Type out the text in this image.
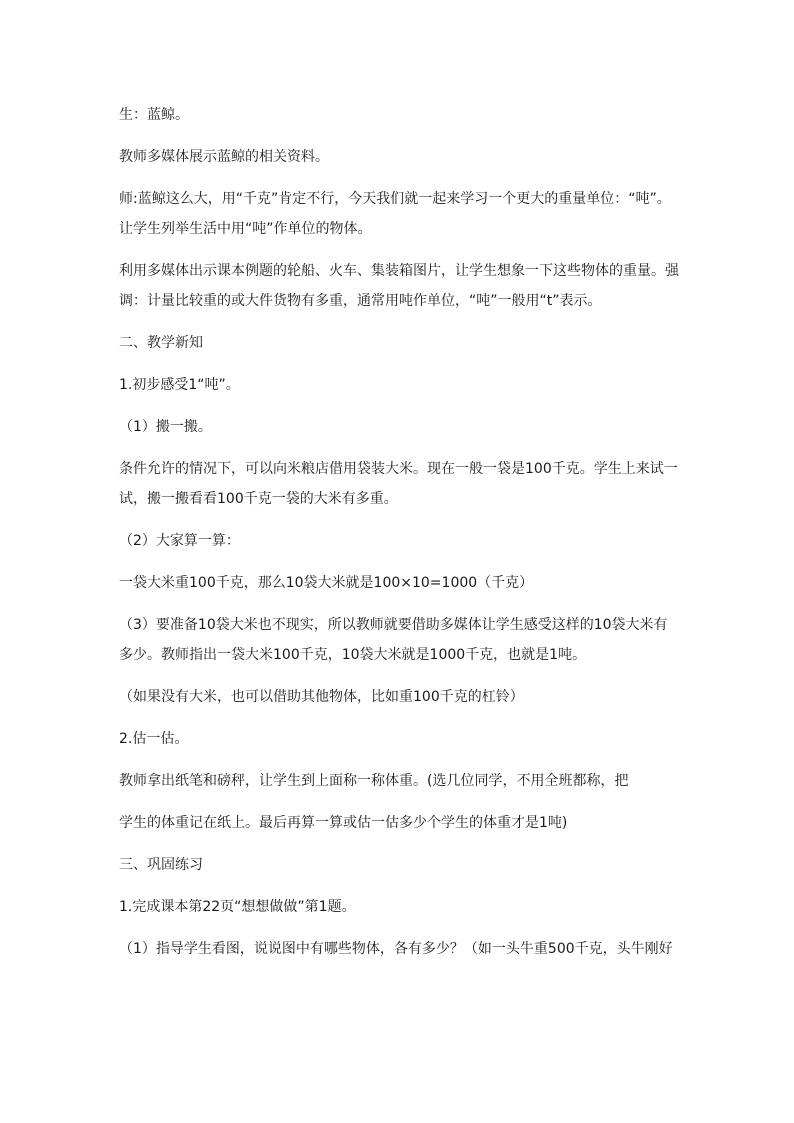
生：蓝鲸。

教师多媒体展示蓝鲸的相关资料。

师:蓝鲸这么大，用“千克”肯定不行，今天我们就一起来学习一个更大的重量单位：“吨”。让学生列举生活中用“吨”作单位的物体。

利用多媒体出示课本例题的轮船、火车、集装箱图片，让学生想象一下这些物体的重量。强调：计量比较重的或大件货物有多重，通常用吨作单位，“吨”一般用“t”表示。

二、教学新知

1.初步感受1“吨”。

（1）搬一搬。

条件允许的情况下，可以向米粮店借用袋装大米。现在一般一袋是100千克。学生上来试一试，搬一搬看看100千克一袋的大米有多重。

（2）大家算一算：

一袋大米重100千克，那么10袋大米就是100×10=1000（千克）

（3）要准备10袋大米也不现实，所以教师就要借助多媒体让学生感受这样的10袋大米有多少。教师指出一袋大米100千克，10袋大米就是1000千克，也就是1吨。

（如果没有大米，也可以借助其他物体，比如重100千克的杠铃）

2.估一估。

教师拿出纸笔和磅秤，让学生到上面称一称体重。(选几位同学，不用全班都称，把

学生的体重记在纸上。最后再算一算或估一估多少个学生的体重才是1吨)

三、巩固练习

1.完成课本第22页“想想做做”第1题。

（1）指导学生看图，说说图中有哪些物体，各有多少？（如一头牛重500千克，头牛刚好
